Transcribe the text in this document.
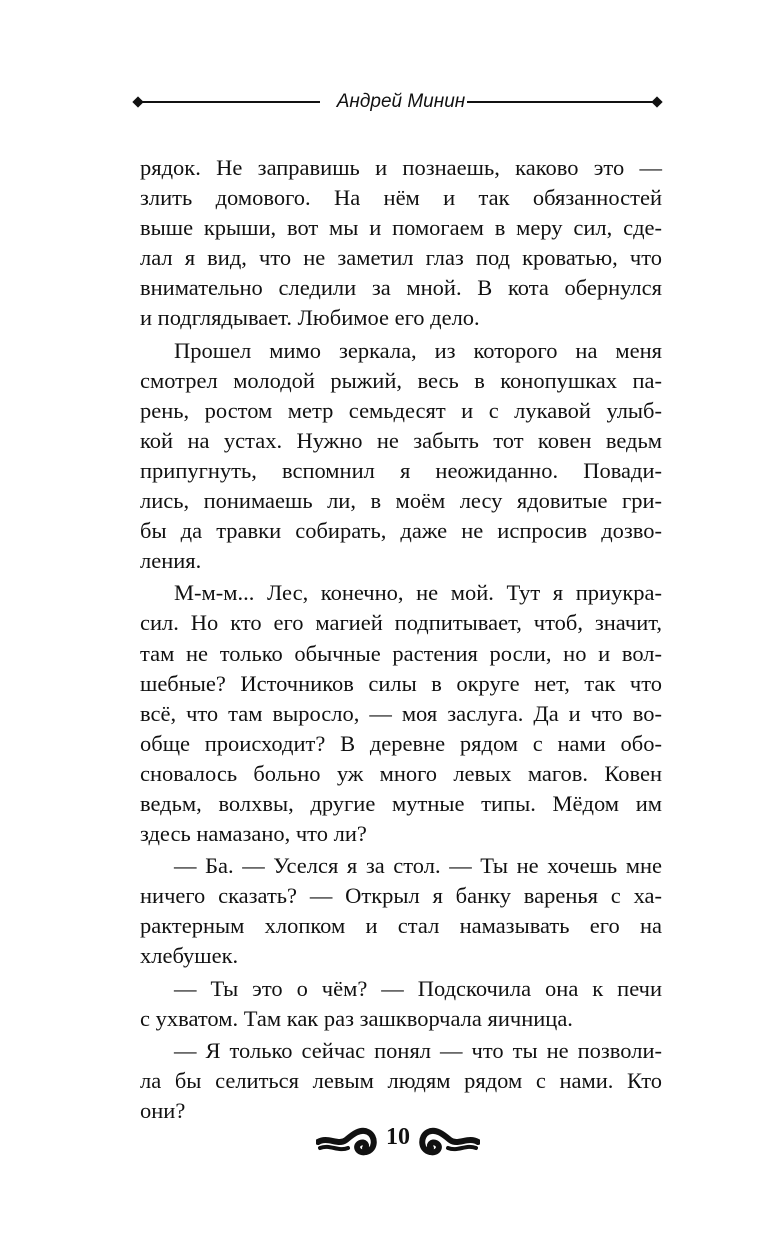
Андрей Минин
рядок. Не заправишь и познаешь, каково это —
злить домового. На нём и так обязанностей
выше крыши, вот мы и помогаем в меру сил, сде-
лал я вид, что не заметил глаз под кроватью, что
внимательно следили за мной. В кота обернулся
и подглядывает. Любимое его дело.
Прошел мимо зеркала, из которого на меня
смотрел молодой рыжий, весь в конопушках па-
рень, ростом метр семьдесят и с лукавой улыб-
кой на устах. Нужно не забыть тот ковен ведьм
припугнуть, вспомнил я неожиданно. Повади-
лись, понимаешь ли, в моём лесу ядовитые гри-
бы да травки собирать, даже не испросив дозво-
ления.
М-м-м... Лес, конечно, не мой. Тут я приукра-
сил. Но кто его магией подпитывает, чтоб, значит,
там не только обычные растения росли, но и вол-
шебные? Источников силы в округе нет, так что
всё, что там выросло, — моя заслуга. Да и что во-
обще происходит? В деревне рядом с нами обо-
сновалось больно уж много левых магов. Ковен
ведьм, волхвы, другие мутные типы. Мёдом им
здесь намазано, что ли?
— Ба. — Уселся я за стол. — Ты не хочешь мне
ничего сказать? — Открыл я банку варенья с ха-
рактерным хлопком и стал намазывать его на
хлебушек.
— Ты это о чём? — Подскочила она к печи
с ухватом. Там как раз зашкворчала яичница.
— Я только сейчас понял — что ты не позволи-
ла бы селиться левым людям рядом с нами. Кто
они?
10
